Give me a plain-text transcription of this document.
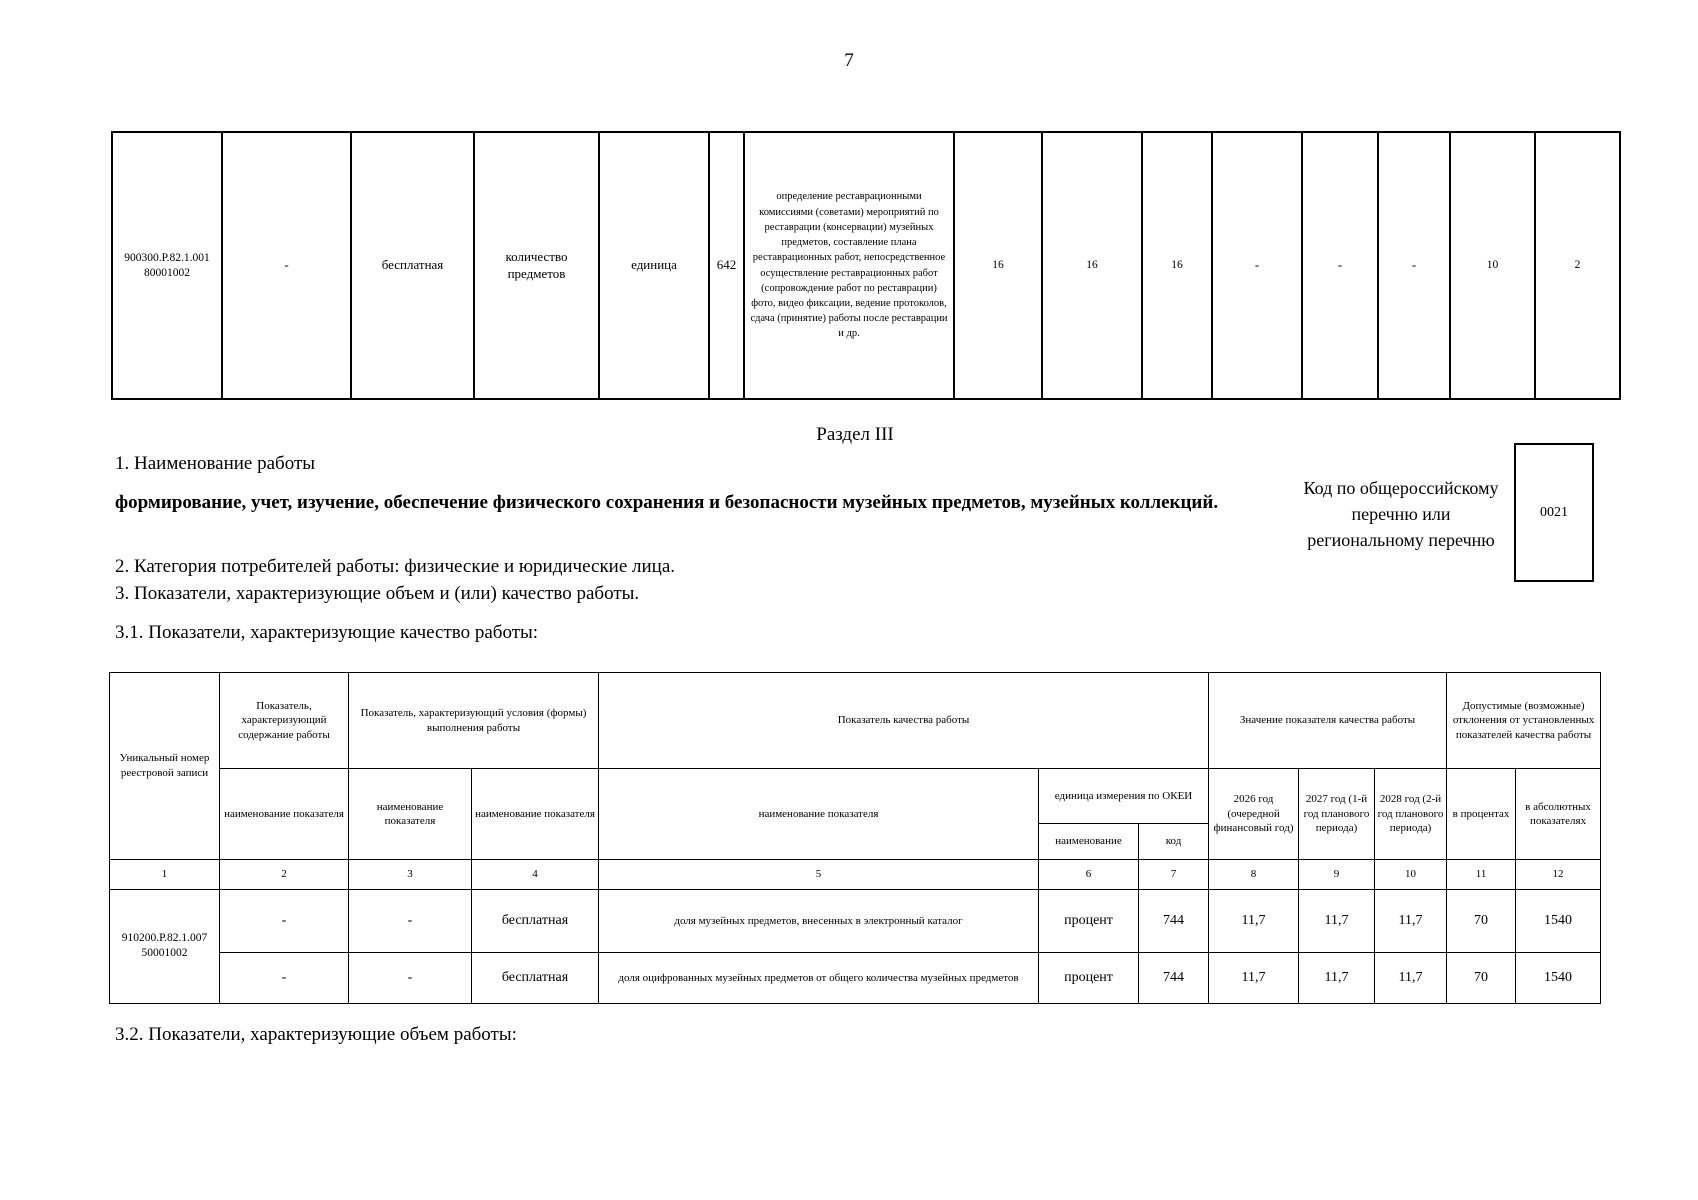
7
900300.Р.82.1.001 80001002	-	бесплатная	количество предметов	единица	642	определение реставрационными комиссиями (советами) мероприятий по реставрации (консервации) музейных предметов, составление плана реставрационных работ, непосредственное осуществление реставрационных работ (сопровождение работ по реставрации) фото, видео фиксации, ведение протоколов, сдача (принятие) работы после реставрации и др.	16	16	16	-	-	-	10	2
Раздел III
1. Наименование работы
формирование, учет, изучение, обеспечение физического сохранения и безопасности музейных предметов, музейных коллекций.
Код по общероссийскому
перечню или
региональному перечню
0021
2. Категория потребителей работы: физические и юридические лица.
3. Показатели, характеризующие объем и (или) качество работы.
3.1. Показатели, характеризующие качество работы:
Уникальный номер реестровой записи	Показатель, характеризующий содержание работы	Показатель, характеризующий условия (формы) выполнения работы		Показатель качества работы			Значение показателя качества работы			Допустимые (возможные) отклонения от установленных показателей качества работы	
	наименование показателя	наименование показателя	наименование показателя	наименование показателя	единица измерения по ОКЕИ		2026 год (очередной финансовый год)	2027 год (1-й год планового периода)	2028 год (2-й год планового периода)	в процентах	в абсолютных показателях
					наименование	код					
1	2	3	4	5	6	7	8	9	10	11	12
910200.Р.82.1.007 50001002	-	-	бесплатная	доля музейных предметов, внесенных в электронный каталог	процент	744	11,7	11,7	11,7	70	1540
	-	-	бесплатная	доля оцифрованных музейных предметов от общего количества музейных предметов	процент	744	11,7	11,7	11,7	70	1540
3.2. Показатели, характеризующие объем работы:
